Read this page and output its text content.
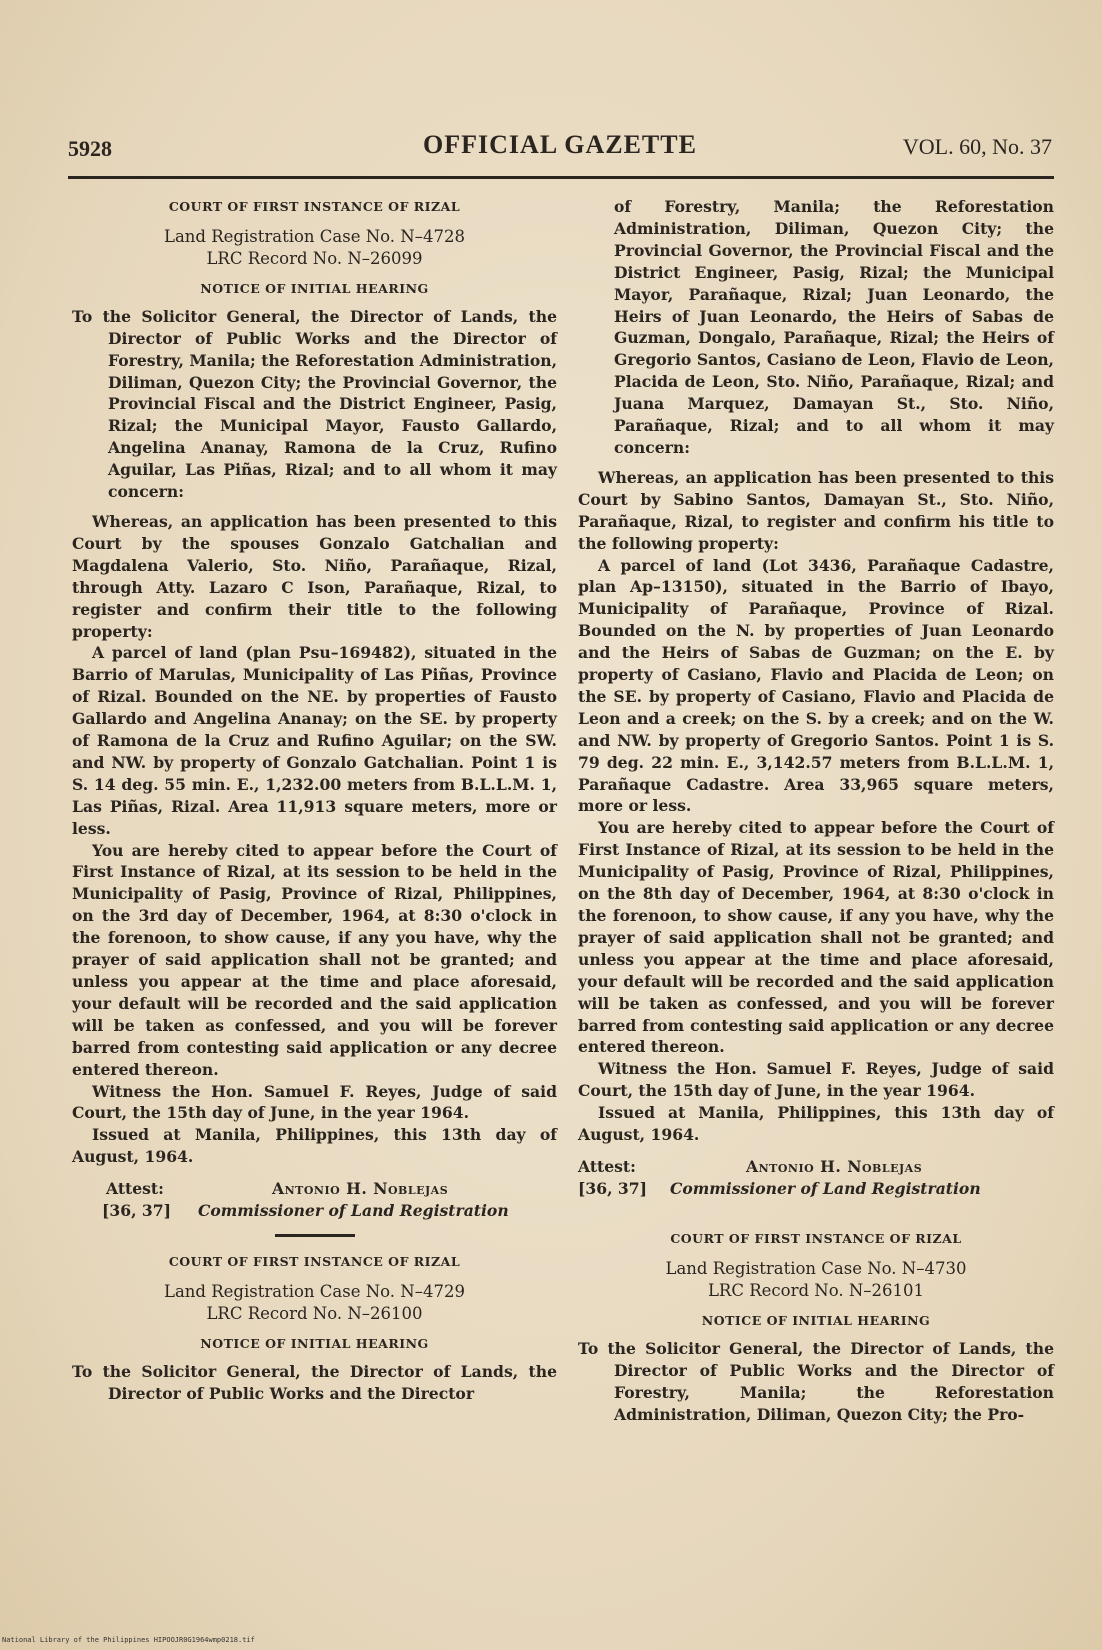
5928	OFFICIAL GAZETTE	VOL. 60, No. 37

COURT OF FIRST INSTANCE OF RIZAL

Land Registration Case No. N–4728

LRC Record No. N–26099

NOTICE OF INITIAL HEARING

To the Solicitor General, the Director of Lands, the Director of Public Works and the Director of Forestry, Manila; the Reforestation Administration, Diliman, Quezon City; the Provincial Governor, the Provincial Fiscal and the District Engineer, Pasig, Rizal; the Municipal Mayor, Fausto Gallardo, Angelina Ananay, Ramona de la Cruz, Rufino Aguilar, Las Piñas, Rizal; and to all whom it may concern:

Whereas, an application has been presented to this Court by the spouses Gonzalo Gatchalian and Magdalena Valerio, Sto. Niño, Parañaque, Rizal, through Atty. Lazaro C Ison, Parañaque, Rizal, to register and confirm their title to the following property:

A parcel of land (plan Psu–169482), situated in the Barrio of Marulas, Municipality of Las Piñas, Province of Rizal. Bounded on the NE. by properties of Fausto Gallardo and Angelina Ananay; on the SE. by property of Ramona de la Cruz and Rufino Aguilar; on the SW. and NW. by property of Gonzalo Gatchalian. Point 1 is S. 14 deg. 55 min. E., 1,232.00 meters from B.L.L.M. 1, Las Piñas, Rizal. Area 11,913 square meters, more or less.

You are hereby cited to appear before the Court of First Instance of Rizal, at its session to be held in the Municipality of Pasig, Province of Rizal, Philippines, on the 3rd day of December, 1964, at 8:30 o'clock in the forenoon, to show cause, if any you have, why the prayer of said application shall not be granted; and unless you appear at the time and place aforesaid, your default will be recorded and the said application will be taken as confessed, and you will be forever barred from contesting said application or any decree entered thereon.

Witness the Hon. Samuel F. Reyes, Judge of said Court, the 15th day of June, in the year 1964.

Issued at Manila, Philippines, this 13th day of August, 1964.

Attest:	Antonio H. Noblejas
[36, 37] Commissioner of Land Registration

COURT OF FIRST INSTANCE OF RIZAL

Land Registration Case No. N–4729

LRC Record No. N–26100

NOTICE OF INITIAL HEARING

To the Solicitor General, the Director of Lands, the Director of Public Works and the Director

of Forestry, Manila; the Reforestation Administration, Diliman, Quezon City; the Provincial Governor, the Provincial Fiscal and the District Engineer, Pasig, Rizal; the Municipal Mayor, Parañaque, Rizal; Juan Leonardo, the Heirs of Juan Leonardo, the Heirs of Sabas de Guzman, Dongalo, Parañaque, Rizal; the Heirs of Gregorio Santos, Casiano de Leon, Flavio de Leon, Placida de Leon, Sto. Niño, Parañaque, Rizal; and Juana Marquez, Damayan St., Sto. Niño, Parañaque, Rizal; and to all whom it may concern:

Whereas, an application has been presented to this Court by Sabino Santos, Damayan St., Sto. Niño, Parañaque, Rizal, to register and confirm his title to the following property:

A parcel of land (Lot 3436, Parañaque Cadastre, plan Ap–13150), situated in the Barrio of Ibayo, Municipality of Parañaque, Province of Rizal. Bounded on the N. by properties of Juan Leonardo and the Heirs of Sabas de Guzman; on the E. by property of Casiano, Flavio and Placida de Leon; on the SE. by property of Casiano, Flavio and Placida de Leon and a creek; on the S. by a creek; and on the W. and NW. by property of Gregorio Santos. Point 1 is S. 79 deg. 22 min. E., 3,142.57 meters from B.L.L.M. 1, Parañaque Cadastre. Area 33,965 square meters, more or less.

You are hereby cited to appear before the Court of First Instance of Rizal, at its session to be held in the Municipality of Pasig, Province of Rizal, Philippines, on the 8th day of December, 1964, at 8:30 o'clock in the forenoon, to show cause, if any you have, why the prayer of said application shall not be granted; and unless you appear at the time and place aforesaid, your default will be recorded and the said application will be taken as confessed, and you will be forever barred from contesting said application or any decree entered thereon.

Witness the Hon. Samuel F. Reyes, Judge of said Court, the 15th day of June, in the year 1964.

Issued at Manila, Philippines, this 13th day of August, 1964.

Attest:	Antonio H. Noblejas
[36, 37] Commissioner of Land Registration

COURT OF FIRST INSTANCE OF RIZAL

Land Registration Case No. N–4730

LRC Record No. N–26101

NOTICE OF INITIAL HEARING

To the Solicitor General, the Director of Lands, the Director of Public Works and the Director of Forestry, Manila; the Reforestation Administration, Diliman, Quezon City; the Pro-

National Library of the Philippines HIPOOJR0G1964wmp0218.tif
